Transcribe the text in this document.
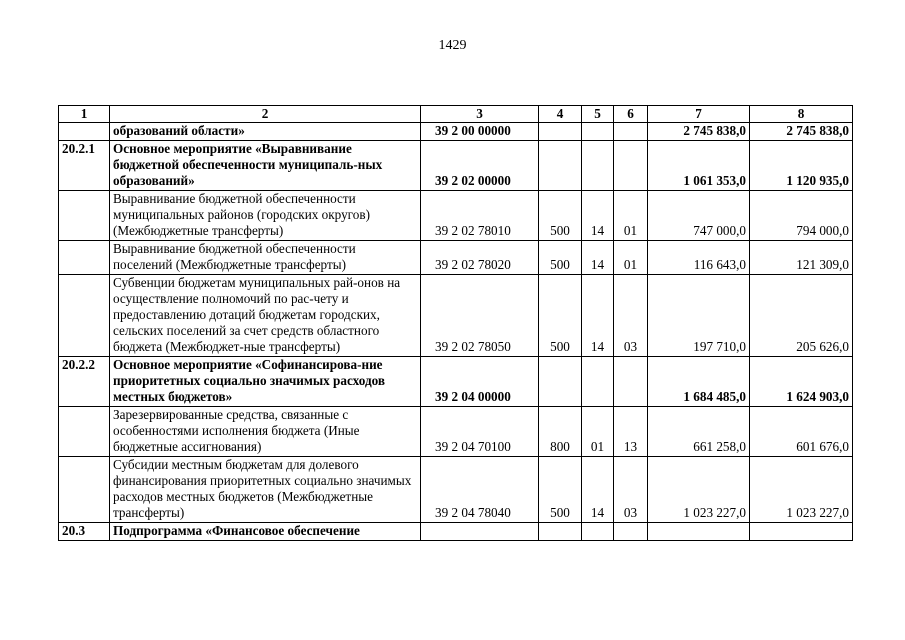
1429
1	2	3	4	5	6	7	8
	образований области»	39 2 00 00000				2 745 838,0	2 745 838,0
20.2.1	Основное мероприятие «Выравнивание бюджетной обеспеченности муниципаль-ных образований»	39 2 02 00000				1 061 353,0	1 120 935,0
	Выравнивание бюджетной обеспеченности муниципальных районов (городских округов) (Межбюджетные трансферты)	39 2 02 78010	500	14	01	747 000,0	794 000,0
	Выравнивание бюджетной обеспеченности поселений (Межбюджетные трансферты)	39 2 02 78020	500	14	01	116 643,0	121 309,0
	Субвенции бюджетам муниципальных рай-онов на осуществление полномочий по рас-чету и предоставлению дотаций бюджетам городских, сельских поселений за счет средств областного бюджета (Межбюджет-ные трансферты)	39 2 02 78050	500	14	03	197 710,0	205 626,0
20.2.2	Основное мероприятие «Софинансирова-ние приоритетных социально значимых расходов местных бюджетов»	39 2 04 00000				1 684 485,0	1 624 903,0
	Зарезервированные средства, связанные с особенностями исполнения бюджета (Иные бюджетные ассигнования)	39 2 04 70100	800	01	13	661 258,0	601 676,0
	Субсидии местным бюджетам для долевого финансирования приоритетных социально значимых расходов местных бюджетов (Межбюджетные трансферты)	39 2 04 78040	500	14	03	1 023 227,0	1 023 227,0
20.3	Подпрограмма «Финансовое обеспечение						
